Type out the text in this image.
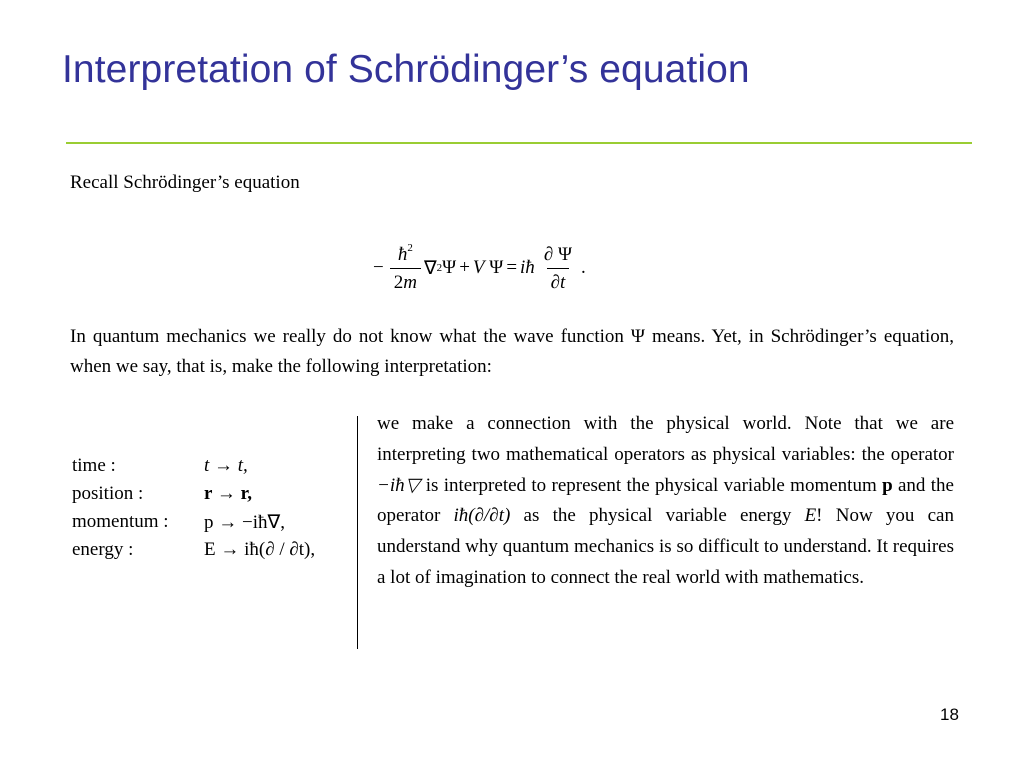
Interpretation of Schrödinger’s equation
Recall Schrödinger’s equation
− $\frac{ħ^2}{2m}$ ∇ 2 Ψ + V Ψ = iħ $\frac{\partial \Psi}{\partial t}$ .

In quantum mechanics we really do not know what the wave function Ψ means. Yet, in Schrödinger’s equation, when we say, that is, make the following interpretation:

time :	t → t,
position :	r → r,
momentum :	p → −iħ∇,
energy :	E → iħ(∂ / ∂t),

we make a connection with the physical world. Note that we are interpreting two mathematical operators as physical variables: the operator −iħ▽ is interpreted to represent the physical variable momentum p and the operator iħ(∂/∂t) as the physical variable energy E! Now you can understand why quantum mechanics is so difficult to understand. It requires a lot of imagination to connect the real world with mathematics.

18
